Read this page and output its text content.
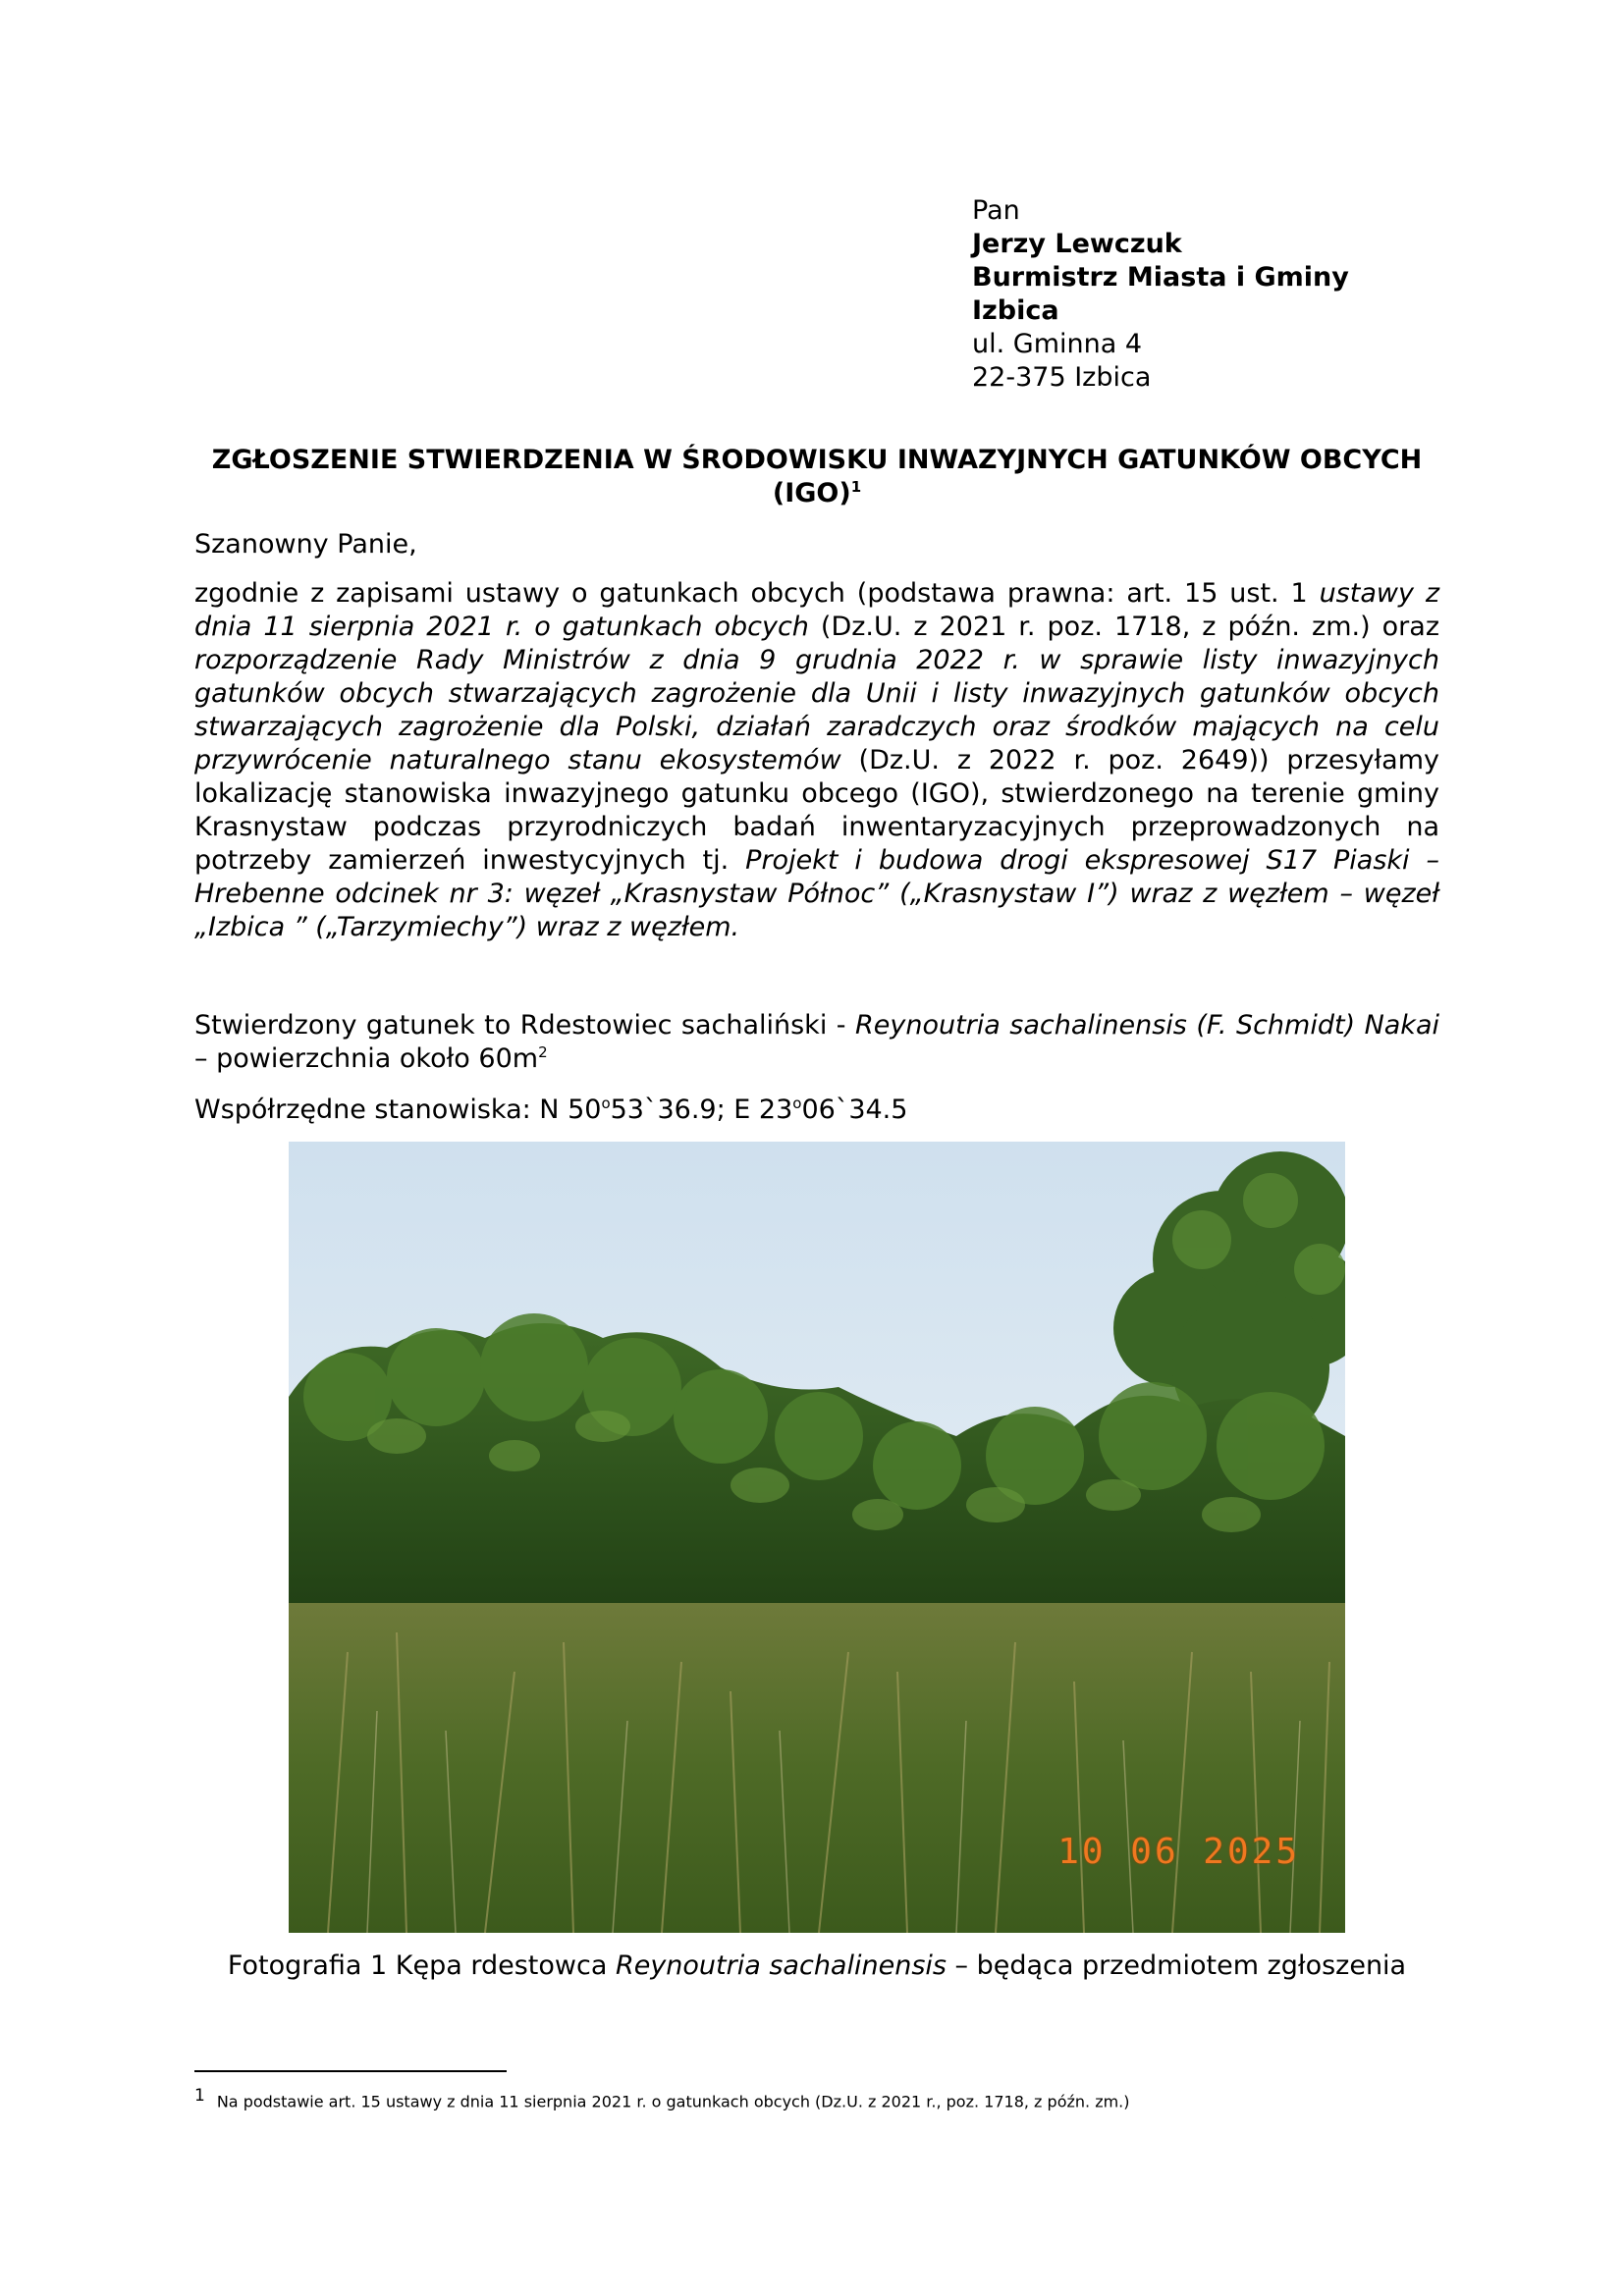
Pan
Jerzy Lewczuk
Burmistrz Miasta i Gminy
Izbica
ul. Gminna 4
22-375 Izbica
ZGŁOSZENIE STWIERDZENIA W ŚRODOWISKU INWAZYJNYCH GATUNKÓW OBCYCH (IGO)$^1$
Szanowny Panie,
zgodnie z zapisami ustawy o gatunkach obcych (podstawa prawna: art. 15 ust. 1 ustawy z dnia 11 sierpnia 2021 r. o gatunkach obcych (Dz.U. z 2021 r. poz. 1718, z późn. zm.) oraz rozporządzenie Rady Ministrów z dnia 9 grudnia 2022 r. w sprawie listy inwazyjnych gatunków obcych stwarzających zagrożenie dla Unii i listy inwazyjnych gatunków obcych stwarzających zagrożenie dla Polski, działań zaradczych oraz środków mających na celu przywrócenie naturalnego stanu ekosystemów (Dz.U. z 2022 r. poz. 2649)) przesyłamy lokalizację stanowiska inwazyjnego gatunku obcego (IGO), stwierdzonego na terenie gminy Krasnystaw podczas przyrodniczych badań inwentaryzacyjnych przeprowadzonych na potrzeby zamierzeń inwestycyjnych tj. Projekt i budowa drogi ekspresowej S17 Piaski – Hrebenne odcinek nr 3: węzeł „Krasnystaw Północ” („Krasnystaw I”) wraz z węzłem – węzeł „Izbica ” („Tarzymiechy”) wraz z węzłem.
Stwierdzony gatunek to Rdestowiec sachaliński - Reynoutria sachalinensis (F. Schmidt) Nakai – powierzchnia około $60m^2$
Współrzędne stanowiska: N 50$^o$53`36.9; E 23$^o$06`34.5
10 06 2025
Fotografia 1 Kępa rdestowca Reynoutria sachalinensis – będąca przedmiotem zgłoszenia
1 Na podstawie art. 15 ustawy z dnia 11 sierpnia 2021 r. o gatunkach obcych (Dz.U. z 2021 r., poz. 1718, z późn. zm.)
